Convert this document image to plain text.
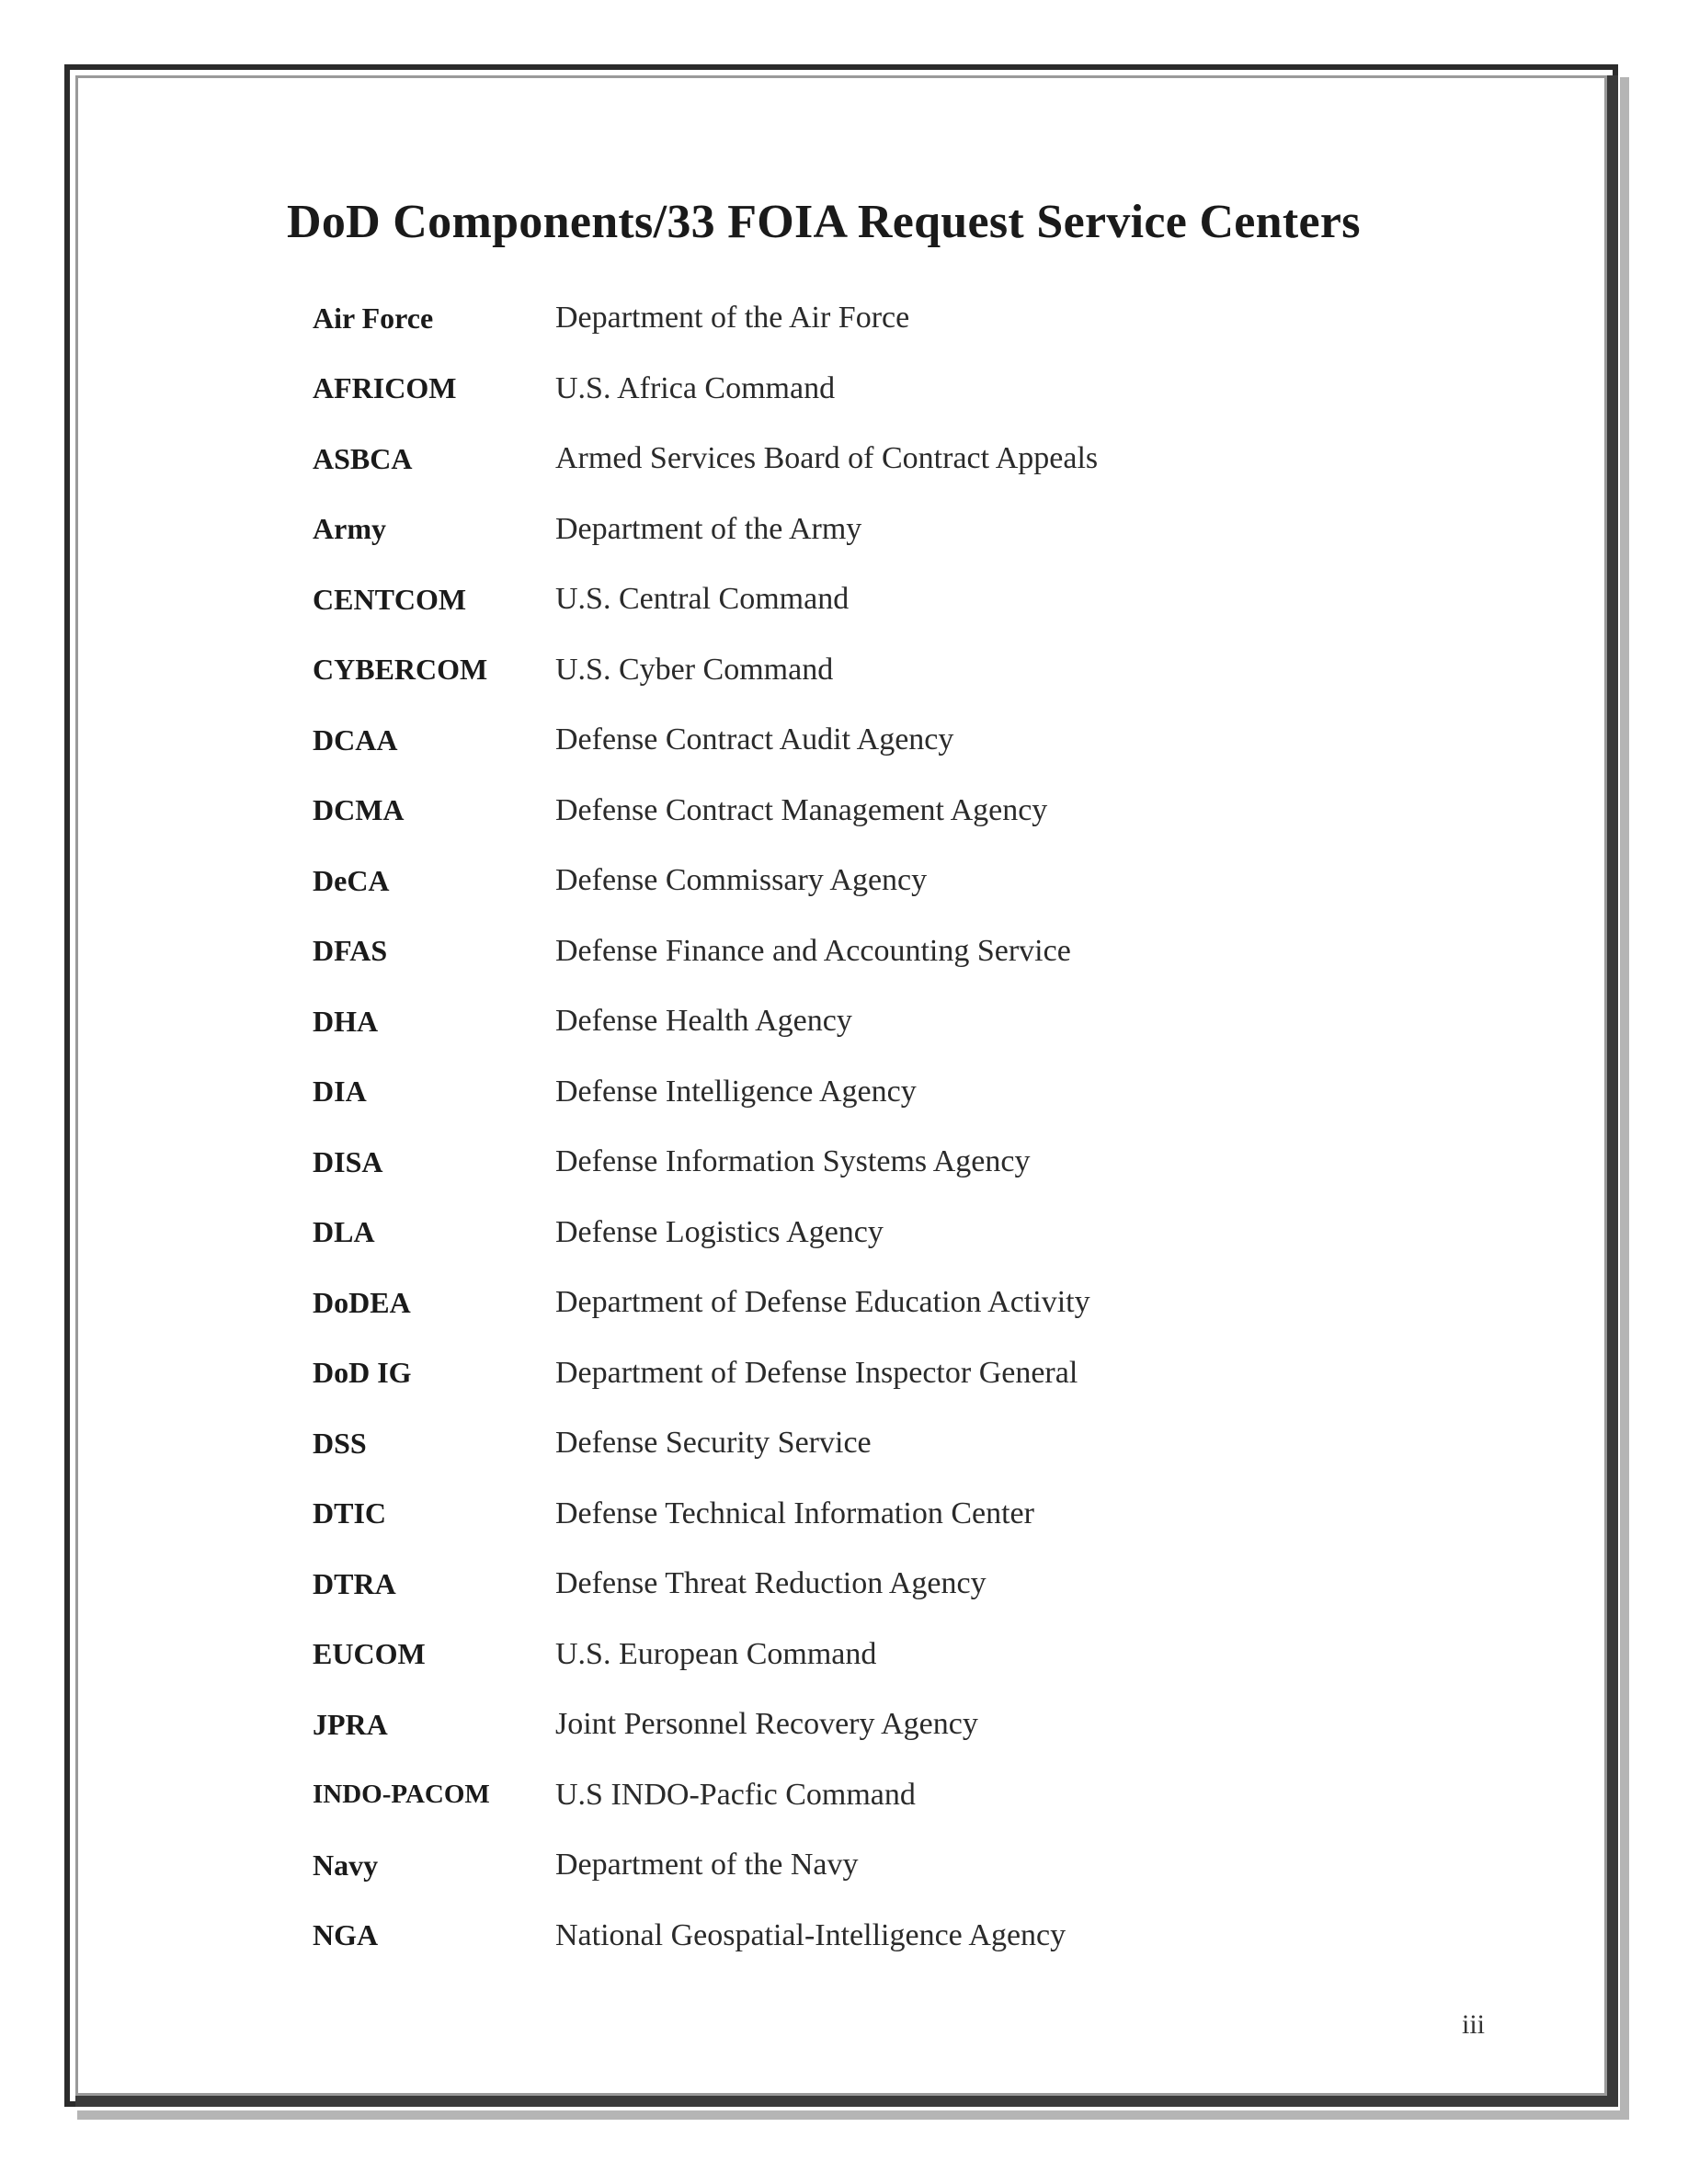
DoD Components/33 FOIA Request Service Centers
Air Force	Department of the Air Force
AFRICOM	U.S. Africa Command
ASBCA	Armed Services Board of Contract Appeals
Army	Department of the Army
CENTCOM	U.S. Central Command
CYBERCOM	U.S. Cyber Command
DCAA	Defense Contract Audit Agency
DCMA	Defense Contract Management Agency
DeCA	Defense Commissary Agency
DFAS	Defense Finance and Accounting Service
DHA	Defense Health Agency
DIA	Defense Intelligence Agency
DISA	Defense Information Systems Agency
DLA	Defense Logistics Agency
DoDEA	Department of Defense Education Activity
DoD IG	Department of Defense Inspector General
DSS	Defense Security Service
DTIC	Defense Technical Information Center
DTRA	Defense Threat Reduction Agency
EUCOM	U.S. European Command
JPRA	Joint Personnel Recovery Agency
INDO-PACOM	U.S INDO-Pacfic Command
Navy	Department of the Navy
NGA	National Geospatial-Intelligence Agency
iii
